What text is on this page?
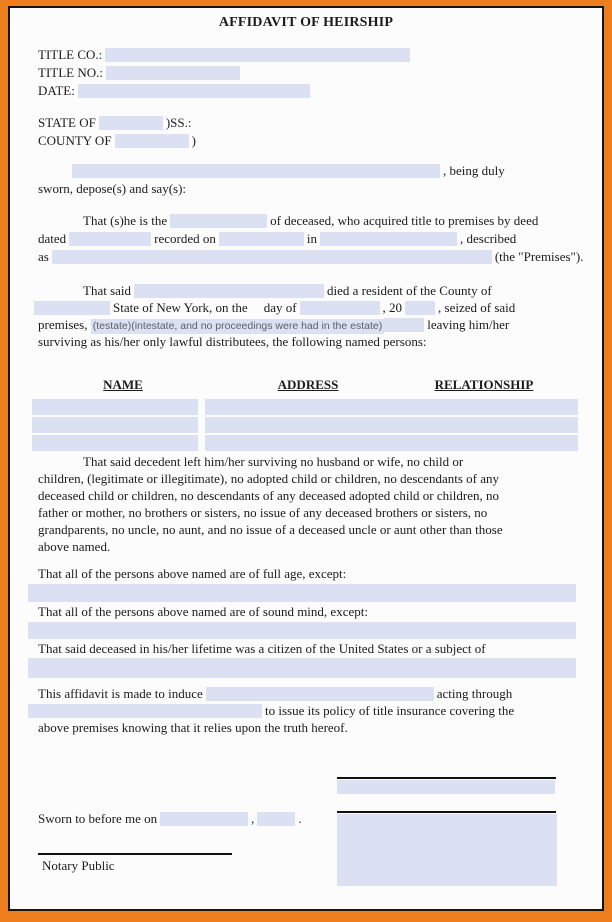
AFFIDAVIT OF HEIRSHIP
TITLE CO.:
TITLE NO.:
DATE:
STATE OF	)SS.:
COUNTY OF	)
, being duly
sworn, depose(s) and say(s):
That (s)he is the	of deceased, who acquired title to premises by deed
dated	recorded on	in	, described
as	(the "Premises").
That said	died a resident of the County of
State of New York, on the day of	, 20	, seized of said
premises, (testate)(intestate, and no proceedings were had in the estate)	leaving him/her
surviving as his/her only lawful distributees, the following named persons:
NAME	ADDRESS	RELATIONSHIP
That said decedent left him/her surviving no husband or wife, no child or
children, (legitimate or illegitimate), no adopted child or children, no descendants of any
deceased child or children, no descendants of any deceased adopted child or children, no
father or mother, no brothers or sisters, no issue of any deceased brothers or sisters, no
grandparents, no uncle, no aunt, and no issue of a deceased uncle or aunt other than those
above named.
That all of the persons above named are of full age, except:
That all of the persons above named are of sound mind, except:
That said deceased in his/her lifetime was a citizen of the United States or a subject of
This affidavit is made to induce	acting through
to issue its policy of title insurance covering the
above premises knowing that it relies upon the truth hereof.
Sworn to before me on	,	.
Notary Public
